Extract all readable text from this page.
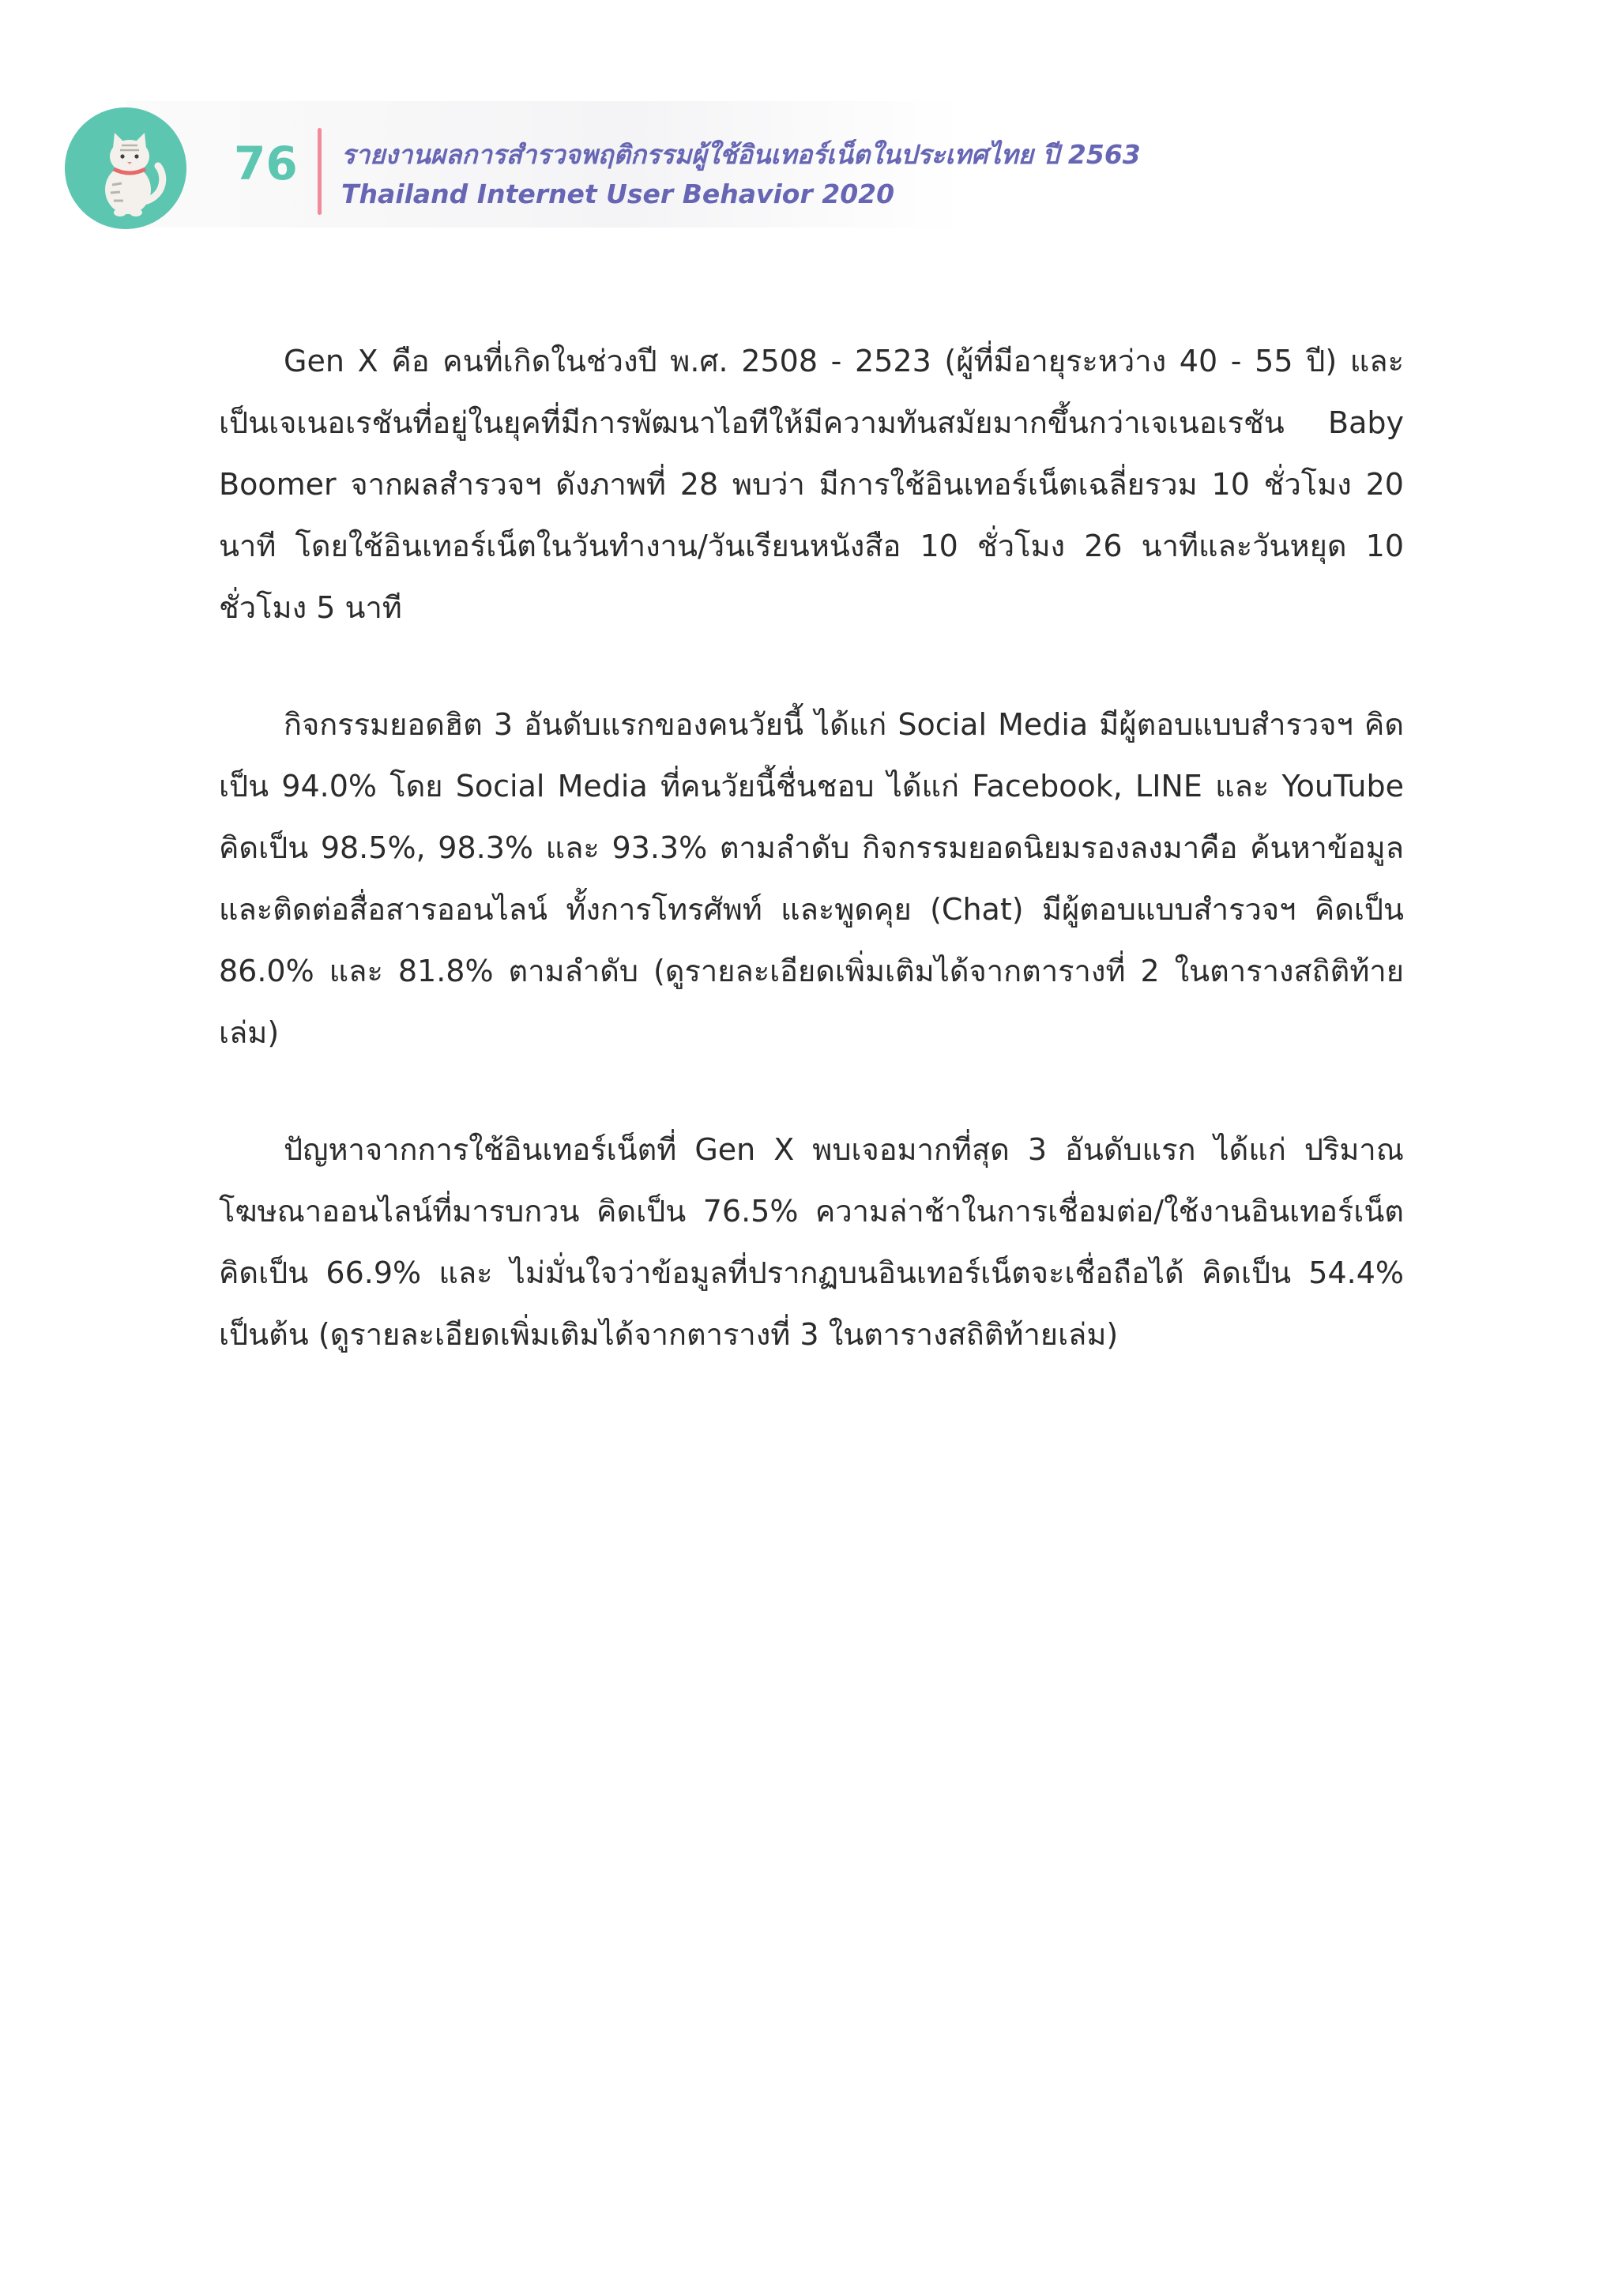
76 รายงานผลการสำรวจพฤติกรรมผู้ใช้อินเทอร์เน็ตในประเทศไทย ปี 2563
Thailand Internet User Behavior 2020

Gen X คือ คนที่เกิดในช่วงปี พ.ศ. 2508 - 2523 (ผู้ที่มีอายุระหว่าง 40 - 55 ปี) และเป็นเจเนอเรชันที่อยู่ในยุคที่มีการพัฒนาไอทีให้มีความทันสมัยมากขึ้นกว่าเจเนอเรชัน Baby Boomer จากผลสำรวจฯ ดังภาพที่ 28 พบว่า มีการใช้อินเทอร์เน็ตเฉลี่ยรวม 10 ชั่วโมง 20 นาที โดยใช้อินเทอร์เน็ตในวันทำงาน/วันเรียนหนังสือ 10 ชั่วโมง 26 นาทีและวันหยุด 10 ชั่วโมง 5 นาที

กิจกรรมยอดฮิต 3 อันดับแรกของคนวัยนี้ ได้แก่ Social Media มีผู้ตอบแบบสำรวจฯ คิดเป็น 94.0% โดย Social Media ที่คนวัยนี้ชื่นชอบ ได้แก่ Facebook, LINE และ YouTube คิดเป็น 98.5%, 98.3% และ 93.3% ตามลำดับ กิจกรรมยอดนิยมรองลงมาคือ ค้นหาข้อมูล และติดต่อสื่อสารออนไลน์ ทั้งการโทรศัพท์ และพูดคุย (Chat) มีผู้ตอบแบบสำรวจฯ คิดเป็น 86.0% และ 81.8% ตามลำดับ (ดูรายละเอียดเพิ่มเติมได้จากตารางที่ 2 ในตารางสถิติท้ายเล่ม)

ปัญหาจากการใช้อินเทอร์เน็ตที่ Gen X พบเจอมากที่สุด 3 อันดับแรก ได้แก่ ปริมาณโฆษณาออนไลน์ที่มารบกวน คิดเป็น 76.5% ความล่าช้าในการเชื่อมต่อ/ใช้งานอินเทอร์เน็ต คิดเป็น 66.9% และ ไม่มั่นใจว่าข้อมูลที่ปรากฏบนอินเทอร์เน็ตจะเชื่อถือได้ คิดเป็น 54.4% เป็นต้น (ดูรายละเอียดเพิ่มเติมได้จากตารางที่ 3 ในตารางสถิติท้ายเล่ม)
